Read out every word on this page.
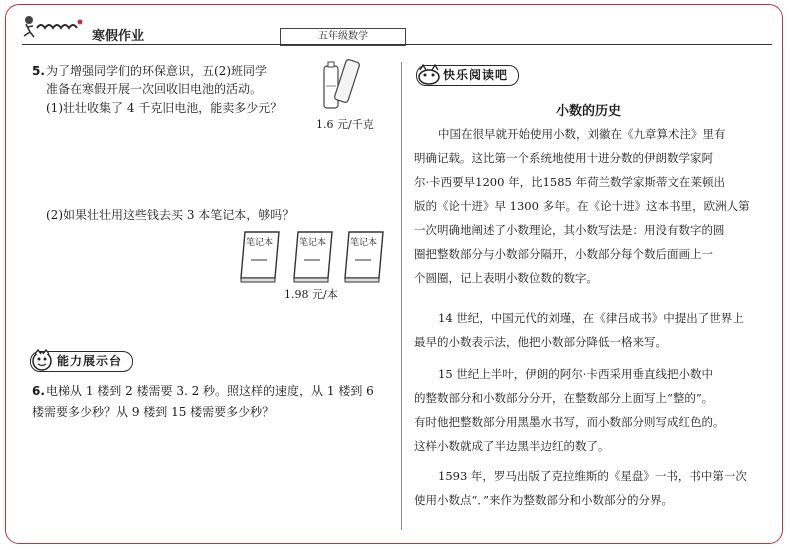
寒假作业	五年级数学
5. 为了增强同学们的环保意识，五(2)班同学
准备在寒假开展一次回收旧电池的活动。
(1)壮壮收集了 4 千克旧电池，能卖多少元？
1.6 元/千克
(2)如果壮壮用这些钱去买 3 本笔记本，够吗？
笔记本	笔记本	笔记本
1.98 元/本
能力展示台
6. 电梯从 1 楼到 2 楼需要 3. 2 秒。照这样的速度，从 1 楼到 6
楼需要多少秒？从 9 楼到 15 楼需要多少秒？
快乐阅读吧
小数的历史

中国在很早就开始使用小数，刘徽在《九章算术注》里有

明确记载。这比第一个系统地使用十进分数的伊朗数学家阿

尔·卡西要早1200 年，比1585 年荷兰数学家斯蒂文在莱顿出

版的《论十进》早 1300 多年。在《论十进》这本书里，欧洲人第

一次明确地阐述了小数理论，其小数写法是：用没有数字的圆

圈把整数部分与小数部分隔开，小数部分每个数后面画上一

个圆圈，记上表明小数位数的数字。

14 世纪，中国元代的刘瑾，在《律吕成书》中提出了世界上

最早的小数表示法，他把小数部分降低一格来写。

15 世纪上半叶，伊朗的阿尔·卡西采用垂直线把小数中

的整数部分和小数部分分开，在整数部分上面写上“整的”。

有时他把整数部分用黑墨水书写，而小数部分则写成红色的。

这样小数就成了半边黑半边红的数了。

1593 年，罗马出版了克拉维斯的《星盘》一书，书中第一次

使用小数点“．”来作为整数部分和小数部分的分界。
